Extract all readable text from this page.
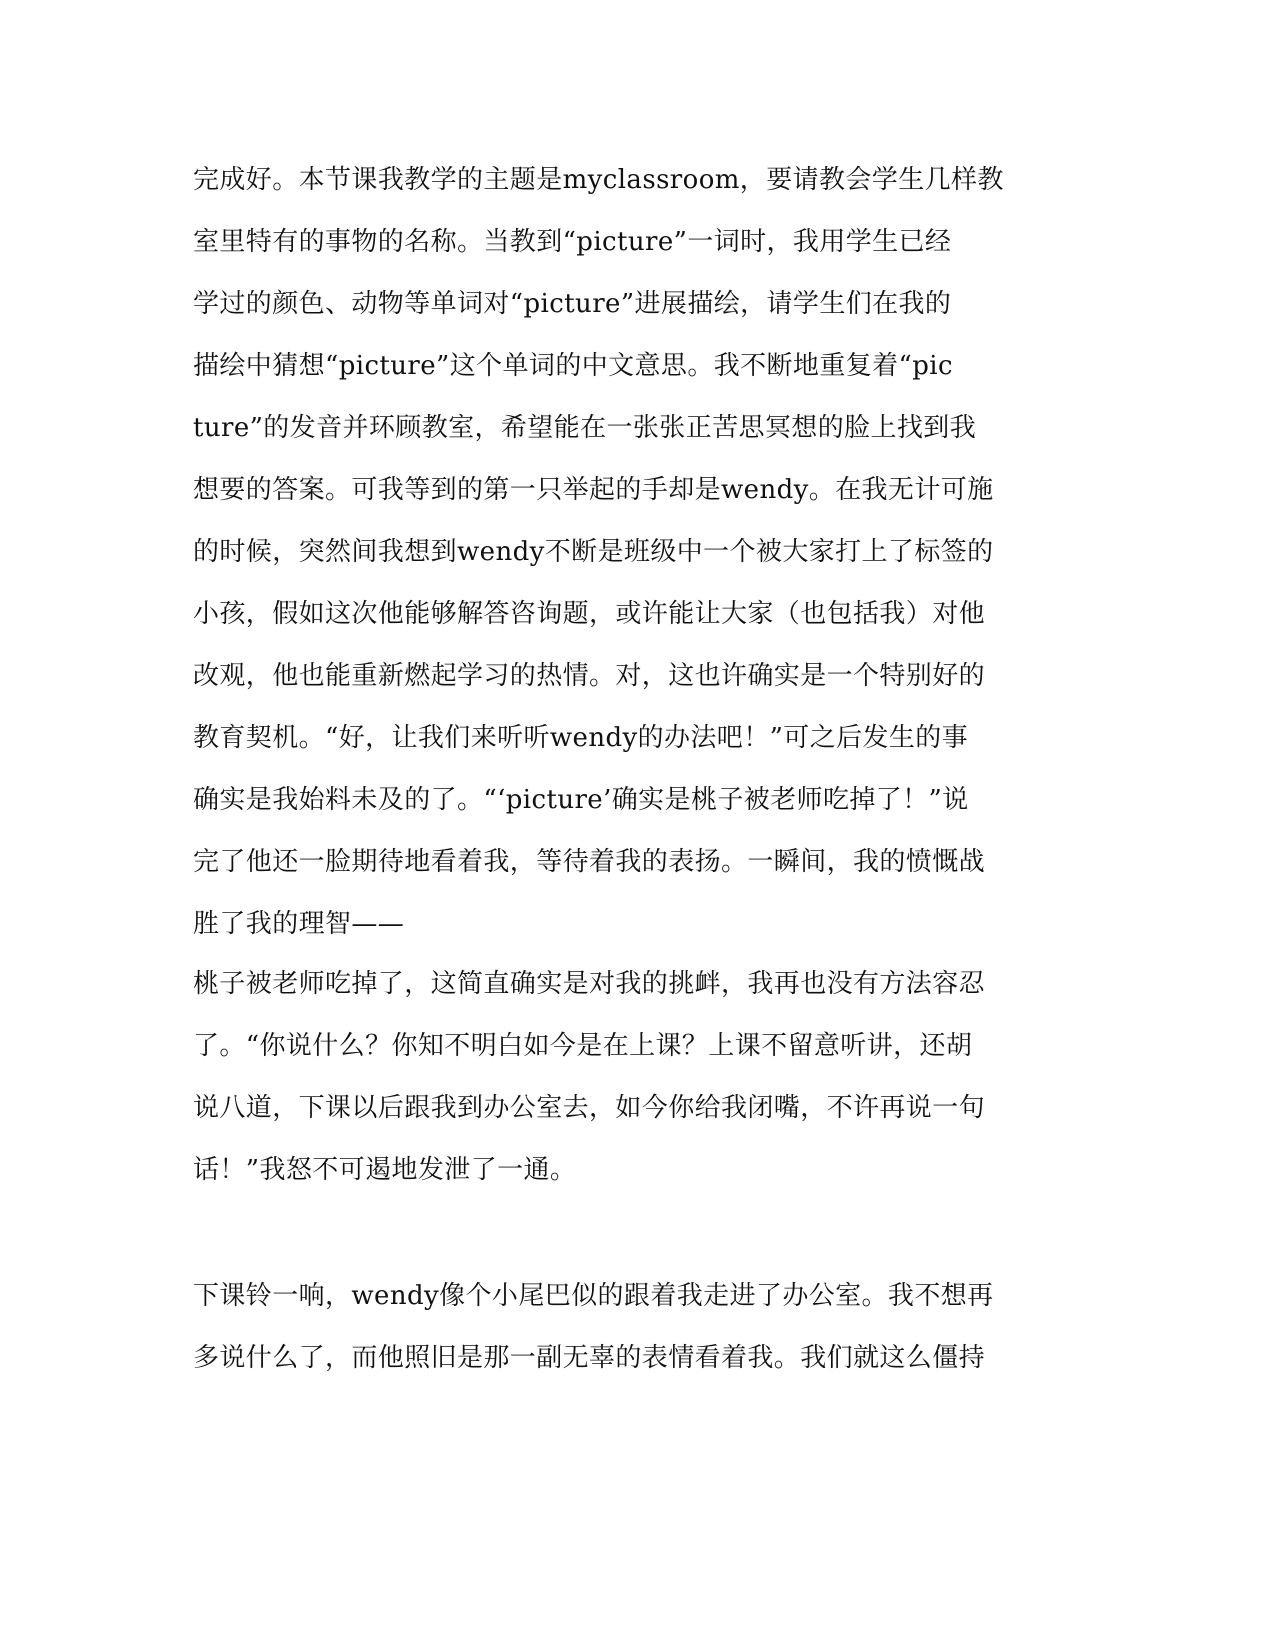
完成好。本节课我教学的主题是myclassroom，要请教会学生几样教
室里特有的事物的名称。当教到“picture”一词时，我用学生已经
学过的颜色、动物等单词对“picture”进展描绘，请学生们在我的
描绘中猜想“picture”这个单词的中文意思。我不断地重复着“pic
ture”的发音并环顾教室，希望能在一张张正苦思冥想的脸上找到我
想要的答案。可我等到的第一只举起的手却是wendy。在我无计可施
的时候，突然间我想到wendy不断是班级中一个被大家打上了标签的
小孩，假如这次他能够解答咨询题，或许能让大家（也包括我）对他
改观，他也能重新燃起学习的热情。对，这也许确实是一个特别好的
教育契机。“好，让我们来听听wendy的办法吧！”可之后发生的事
确实是我始料未及的了。“‘picture’确实是桃子被老师吃掉了！”说
完了他还一脸期待地看着我，等待着我的表扬。一瞬间，我的愤慨战
胜了我的理智——
桃子被老师吃掉了，这简直确实是对我的挑衅，我再也没有方法容忍
了。“你说什么？你知不明白如今是在上课？上课不留意听讲，还胡
说八道，下课以后跟我到办公室去，如今你给我闭嘴，不许再说一句
话！”我怒不可遏地发泄了一通。
下课铃一响，wendy像个小尾巴似的跟着我走进了办公室。我不想再
多说什么了，而他照旧是那一副无辜的表情看着我。我们就这么僵持
